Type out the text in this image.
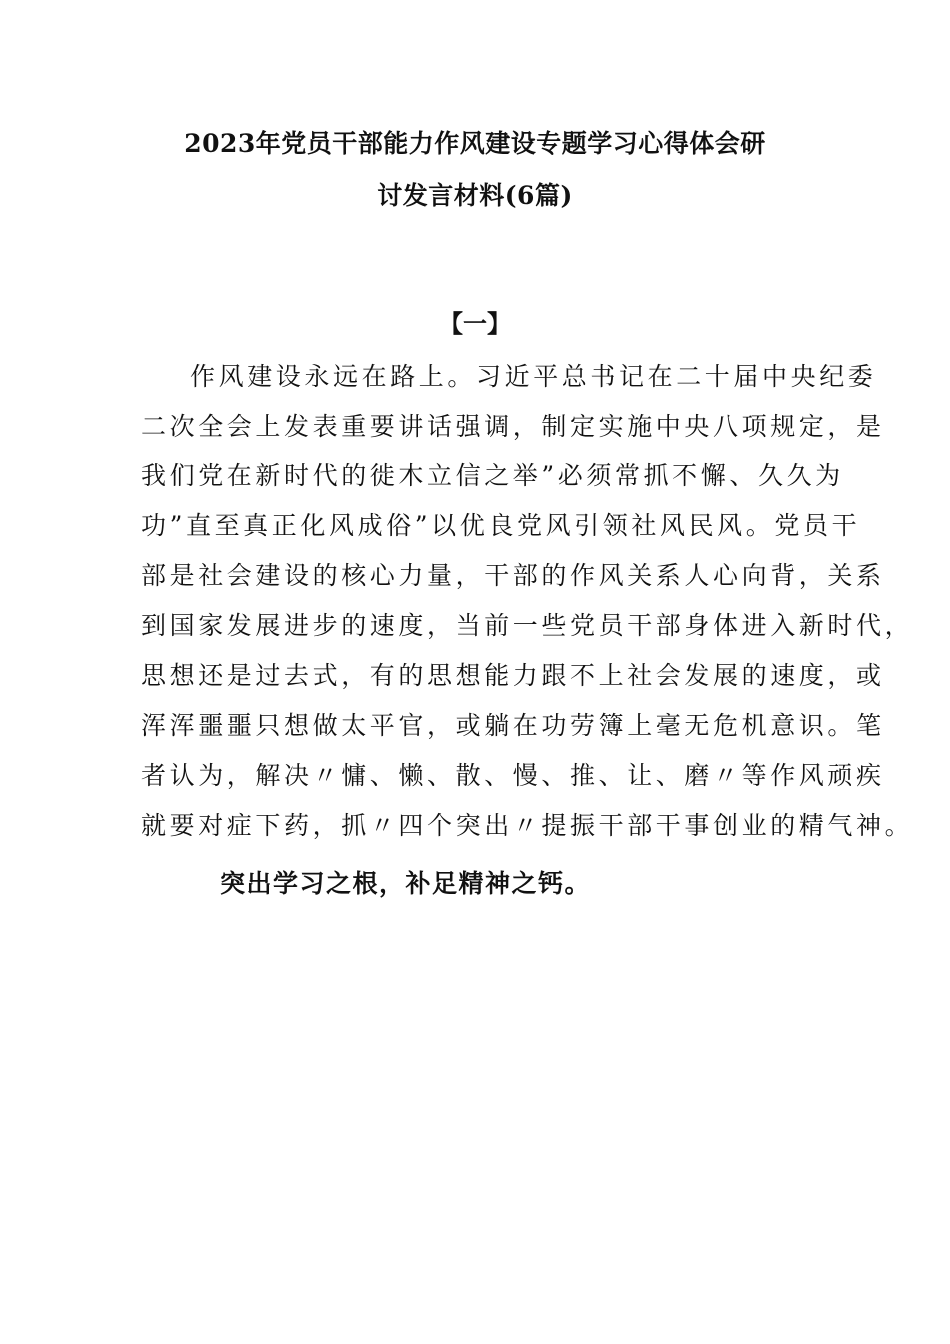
2023年党员干部能力作风建设专题学习心得体会研
讨发言材料(6篇)
【一】
作风建设永远在路上。习近平总书记在二十届中央纪委
二次全会上发表重要讲话强调，制定实施中央八项规定，是
我们党在新时代的徙木立信之举”必须常抓不懈、久久为
功”直至真正化风成俗”以优良党风引领社风民风。党员干
部是社会建设的核心力量，干部的作风关系人心向背，关系
到国家发展进步的速度，当前一些党员干部身体进入新时代，
思想还是过去式，有的思想能力跟不上社会发展的速度，或
浑浑噩噩只想做太平官，或躺在功劳簿上毫无危机意识。笔
者认为，解决〃慵、懒、散、慢、推、让、磨〃等作风顽疾
就要对症下药，抓〃四个突出〃提振干部干事创业的精气神。
突出学习之根，补足精神之钙。
